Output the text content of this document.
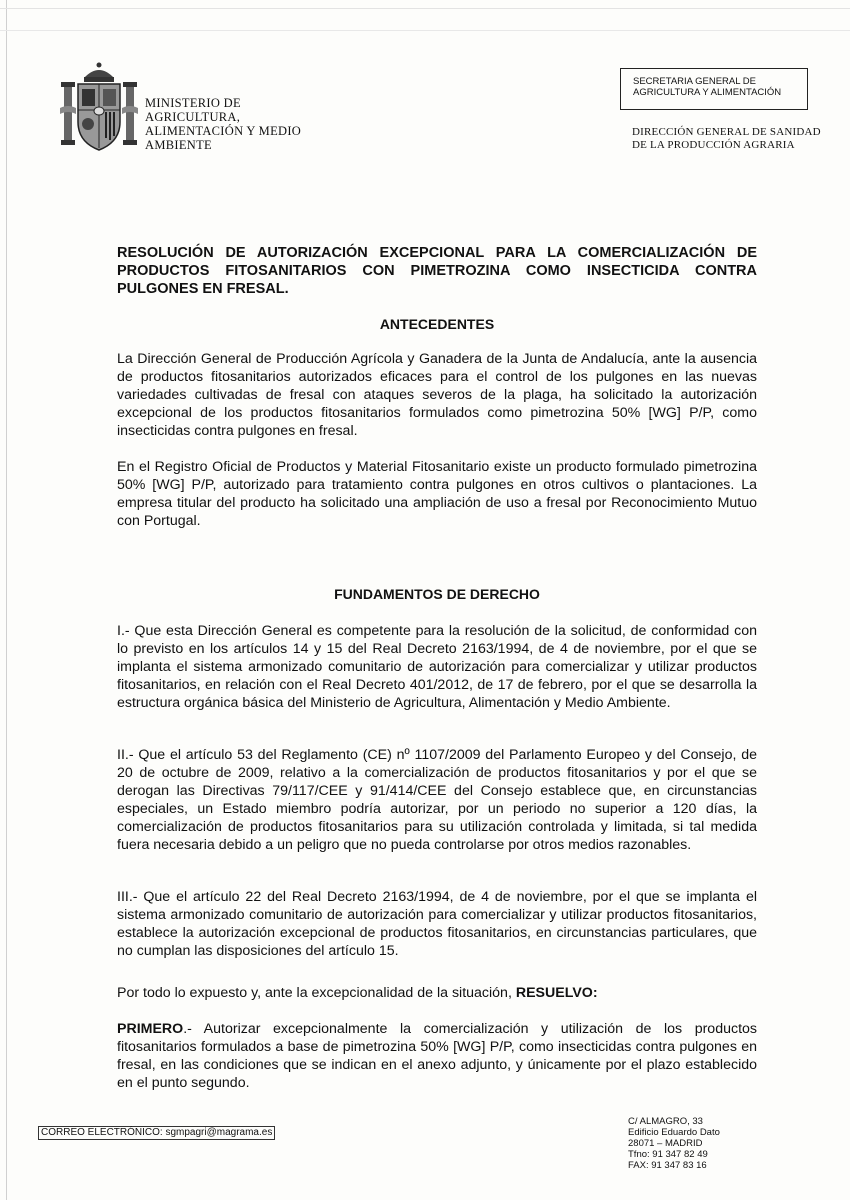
MINISTERIO DE
AGRICULTURA,
ALIMENTACIÓN Y MEDIO
AMBIENTE
SECRETARIA GENERAL DE
AGRICULTURA Y ALIMENTACIÓN
DIRECCIÓN GENERAL DE SANIDAD
DE LA PRODUCCIÓN AGRARIA
RESOLUCIÓN DE AUTORIZACIÓN EXCEPCIONAL PARA LA COMERCIALIZACIÓN DE PRODUCTOS FITOSANITARIOS CON PIMETROZINA COMO INSECTICIDA CONTRA PULGONES EN FRESAL.
ANTECEDENTES
La Dirección General de Producción Agrícola y Ganadera de la Junta de Andalucía, ante la ausencia de productos fitosanitarios autorizados eficaces para el control de los pulgones en las nuevas variedades cultivadas de fresal con ataques severos de la plaga, ha solicitado la autorización excepcional de los productos fitosanitarios formulados como pimetrozina 50% [WG] P/P, como insecticidas contra pulgones en fresal.
En el Registro Oficial de Productos y Material Fitosanitario existe un producto formulado pimetrozina 50% [WG] P/P, autorizado para tratamiento contra pulgones en otros cultivos o plantaciones. La empresa titular del producto ha solicitado una ampliación de uso a fresal por Reconocimiento Mutuo con Portugal.
FUNDAMENTOS DE DERECHO
I.- Que esta Dirección General es competente para la resolución de la solicitud, de conformidad con lo previsto en los artículos 14 y 15 del Real Decreto 2163/1994, de 4 de noviembre, por el que se implanta el sistema armonizado comunitario de autorización para comercializar y utilizar productos fitosanitarios, en relación con el Real Decreto 401/2012, de 17 de febrero, por el que se desarrolla la estructura orgánica básica del Ministerio de Agricultura, Alimentación y Medio Ambiente.
II.- Que el artículo 53 del Reglamento (CE) nº 1107/2009 del Parlamento Europeo y del Consejo, de 20 de octubre de 2009, relativo a la comercialización de productos fitosanitarios y por el que se derogan las Directivas 79/117/CEE y 91/414/CEE del Consejo establece que, en circunstancias especiales, un Estado miembro podría autorizar, por un periodo no superior a 120 días, la comercialización de productos fitosanitarios para su utilización controlada y limitada, si tal medida fuera necesaria debido a un peligro que no pueda controlarse por otros medios razonables.
III.- Que el artículo 22 del Real Decreto 2163/1994, de 4 de noviembre, por el que se implanta el sistema armonizado comunitario de autorización para comercializar y utilizar productos fitosanitarios, establece la autorización excepcional de productos fitosanitarios, en circunstancias particulares, que no cumplan las disposiciones del artículo 15.
Por todo lo expuesto y, ante la excepcionalidad de la situación, RESUELVO:
PRIMERO.- Autorizar excepcionalmente la comercialización y utilización de los productos fitosanitarios formulados a base de pimetrozina 50% [WG] P/P, como insecticidas contra pulgones en fresal, en las condiciones que se indican en el anexo adjunto, y únicamente por el plazo establecido en el punto segundo.
CORREO ELECTRÓNICO: sgmpagri@magrama.es
C/ ALMAGRO, 33
Edificio Eduardo Dato
28071 – MADRID
Tfno: 91 347 82 49
FAX: 91 347 83 16
